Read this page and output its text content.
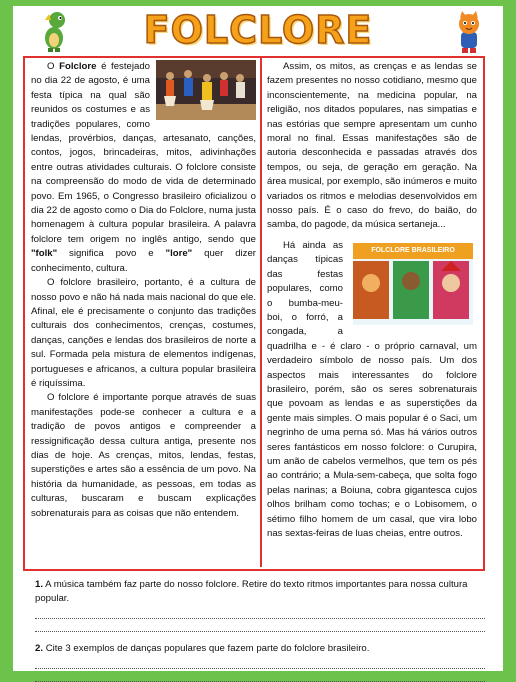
FOLCLORE

O Folclore é festejado no dia 22 de agosto, é uma festa típica na qual são reunidos os costumes e as tradições populares, como lendas, provérbios, danças, artesanato, canções, contos, jogos, brincadeiras, mitos, adivinhações entre outras atividades culturais. O folclore consiste na compreensão do modo de vida de determinado povo. Em 1965, o Congresso brasileiro oficializou o dia 22 de agosto como o Dia do Folclore, numa justa homenagem à cultura popular brasileira. A palavra folclore tem origem no inglês antigo, sendo que "folk" significa povo e "lore" quer dizer conhecimento, cultura.

O folclore brasileiro, portanto, é a cultura de nosso povo e não há nada mais nacional do que ele. Afinal, ele é precisamente o conjunto das tradições culturais dos conhecimentos, crenças, costumes, danças, canções e lendas dos brasileiros de norte a sul. Formada pela mistura de elementos indígenas, portugueses e africanos, a cultura popular brasileira é riquíssima.

O folclore é importante porque através de suas manifestações pode-se conhecer a cultura e a tradição de povos antigos e compreender a ressignificação dessa cultura antiga, presente nos dias de hoje. As crenças, mitos, lendas, festas, superstições e artes são a essência de um povo. Na história da humanidade, as pessoas, em todas as culturas, buscaram e buscam explicações sobrenaturais para as coisas que não entendem.

Assim, os mitos, as crenças e as lendas se fazem presentes no nosso cotidiano, mesmo que inconscientemente, na medicina popular, na religião, nos ditados populares, nas simpatias e nas estórias que sempre apresentam um cunho moral no final. Essas manifestações são de autoria desconhecida e passadas através dos tempos, ou seja, de geração em geração. Na área musical, por exemplo, são inúmeros e muito variados os ritmos e melodias desenvolvidos em nosso país. É o caso do frevo, do baião, do samba, do pagode, da música sertaneja...

FOLCLORE BRASILEIRO

Há ainda as danças típicas das festas populares, como o bumba-meu-boi, o forró, a congada, a quadrilha e - é claro - o próprio carnaval, um verdadeiro símbolo de nosso país. Um dos aspectos mais interessantes do folclore brasileiro, porém, são os seres sobrenaturais que povoam as lendas e as superstições da gente mais simples. O mais popular é o Saci, um negrinho de uma perna só. Mas há vários outros seres fantásticos em nosso folclore: o Curupira, um anão de cabelos vermelhos, que tem os pés ao contrário; a Mula-sem-cabeça, que solta fogo pelas narinas; a Boiuna, cobra gigantesca cujos olhos brilham como tochas; e o Lobisomem, o sétimo filho homem de um casal, que vira lobo nas sextas-feiras de luas cheias, entre outros.

1. A música também faz parte do nosso folclore. Retire do texto ritmos importantes para nossa cultura popular.
2. Cite 3 exemplos de danças populares que fazem parte do folclore brasileiro.
